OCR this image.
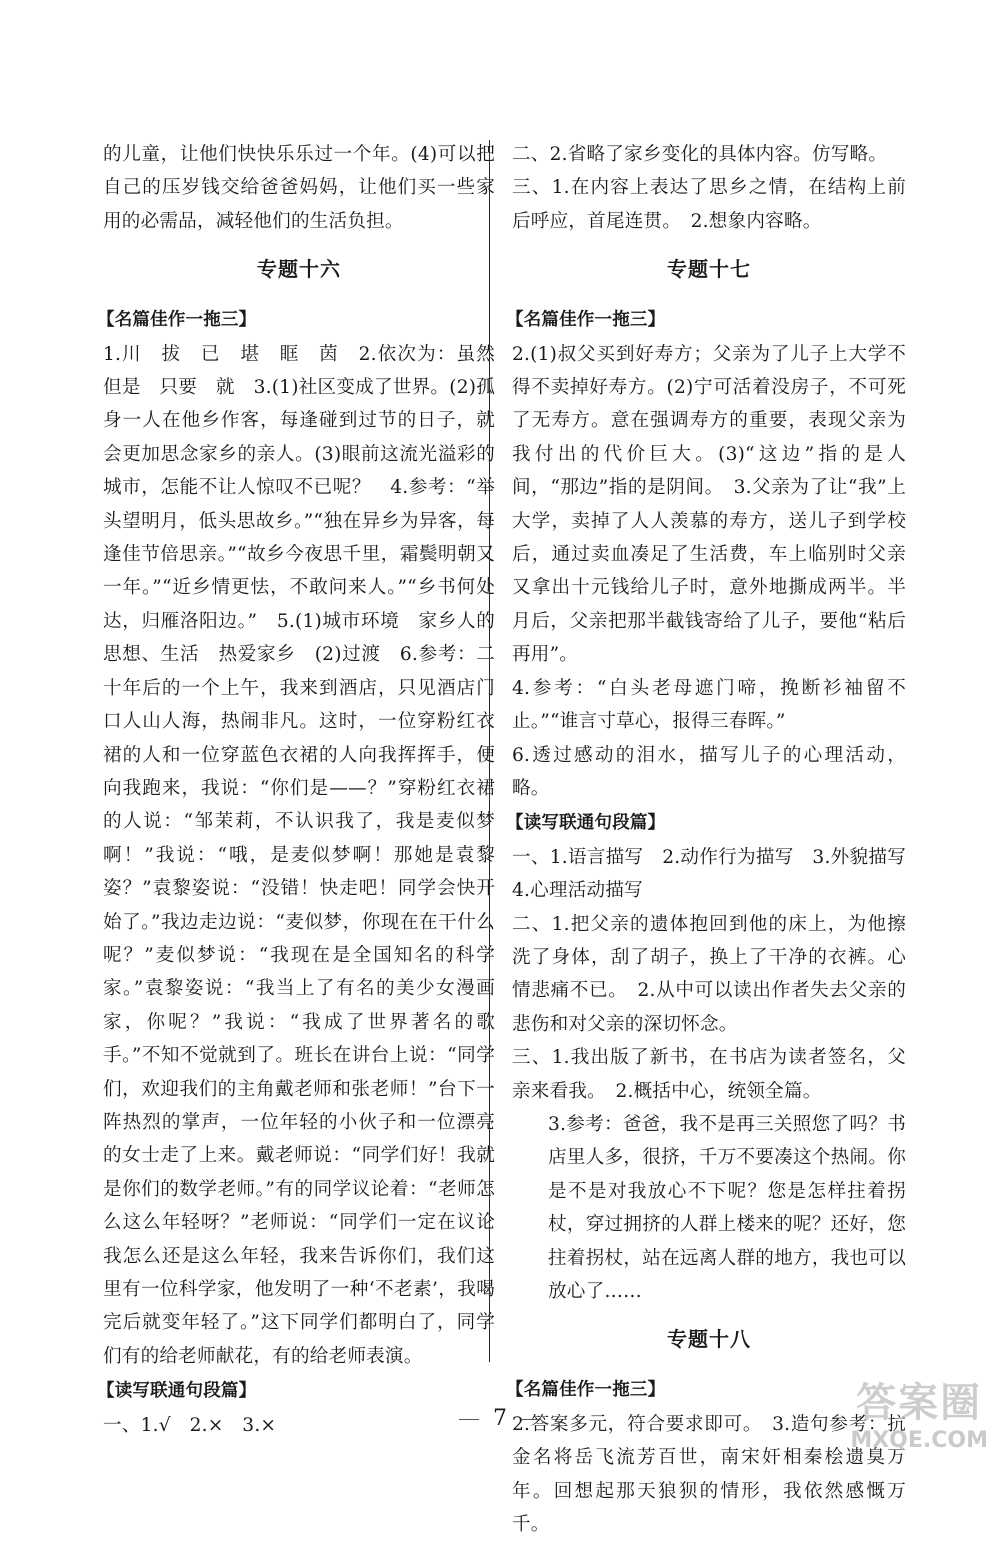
的儿童，让他们快快乐乐过一个年。(4)可以把自己的压岁钱交给爸爸妈妈，让他们买一些家用的必需品，减轻他们的生活负担。

专题十六
【名篇佳作一拖三】

1.川　拔　已　堪　眶　茵　2.依次为：虽然　但是　只要　就　3.(1)社区变成了世界。(2)孤身一人在他乡作客，每逢碰到过节的日子，就会更加思念家乡的亲人。(3)眼前这流光溢彩的城市，怎能不让人惊叹不已呢？　4.参考：“举头望明月，低头思故乡。”“独在异乡为异客，每逢佳节倍思亲。”“故乡今夜思千里，霜鬓明朝又一年。”“近乡情更怯，不敢问来人。”“乡书何处达，归雁洛阳边。”　5.(1)城市环境　家乡人的思想、生活　热爱家乡　(2)过渡　6.参考：二十年后的一个上午，我来到酒店，只见酒店门口人山人海，热闹非凡。这时，一位穿粉红衣裙的人和一位穿蓝色衣裙的人向我挥挥手，便向我跑来，我说：“你们是——？”穿粉红衣裙的人说：“邹茉莉，不认识我了，我是麦似梦啊！”我说：“哦，是麦似梦啊！那她是袁黎姿？”袁黎姿说：“没错！快走吧！同学会快开始了。”我边走边说：“麦似梦，你现在在干什么呢？”麦似梦说：“我现在是全国知名的科学家。”袁黎姿说：“我当上了有名的美少女漫画家，你呢？”我说：“我成了世界著名的歌手。”不知不觉就到了。班长在讲台上说：“同学们，欢迎我们的主角戴老师和张老师！”台下一阵热烈的掌声，一位年轻的小伙子和一位漂亮的女士走了上来。戴老师说：“同学们好！我就是你们的数学老师。”有的同学议论着：“老师怎么这么年轻呀？”老师说：“同学们一定在议论我怎么还是这么年轻，我来告诉你们，我们这里有一位科学家，他发明了一种‘不老素’，我喝完后就变年轻了。”这下同学们都明白了，同学们有的给老师献花，有的给老师表演。

【读写联通句段篇】

一、1.√　2.×　3.×

二、2.省略了家乡变化的具体内容。仿写略。

三、1.在内容上表达了思乡之情，在结构上前后呼应，首尾连贯。　2.想象内容略。

专题十七
【名篇佳作一拖三】

2.(1)叔父买到好寿方；父亲为了儿子上大学不得不卖掉好寿方。(2)宁可活着没房子，不可死了无寿方。意在强调寿方的重要，表现父亲为我付出的代价巨大。(3)“这边”指的是人间，“那边”指的是阴间。　3.父亲为了让“我”上大学，卖掉了人人羡慕的寿方，送儿子到学校后，通过卖血凑足了生活费，车上临别时父亲又拿出十元钱给儿子时，意外地撕成两半。半月后，父亲把那半截钱寄给了儿子，要他“粘后再用”。

4.参考：“白头老母遮门啼，挽断衫袖留不止。”“谁言寸草心，报得三春晖。”

6.透过感动的泪水，描写儿子的心理活动，略。

【读写联通句段篇】

一、1.语言描写　2.动作行为描写　3.外貌描写　4.心理活动描写

二、1.把父亲的遗体抱回到他的床上，为他擦洗了身体，刮了胡子，换上了干净的衣裤。心情悲痛不已。　2.从中可以读出作者失去父亲的悲伤和对父亲的深切怀念。

三、1.我出版了新书，在书店为读者签名，父亲来看我。　2.概括中心，统领全篇。

3.参考：爸爸，我不是再三关照您了吗？书店里人多，很挤，千万不要凑这个热闹。你是不是对我放心不下呢？您是怎样拄着拐杖，穿过拥挤的人群上楼来的呢？还好，您拄着拐杖，站在远离人群的地方，我也可以放心了……

专题十八
【名篇佳作一拖三】

2.答案多元，符合要求即可。　3.造句参考：抗金名将岳飞流芳百世，南宋奸相秦桧遗臭万年。回想起那天狼狈的情形，我依然感慨万千。

7	答案圈
MXQE.COM
